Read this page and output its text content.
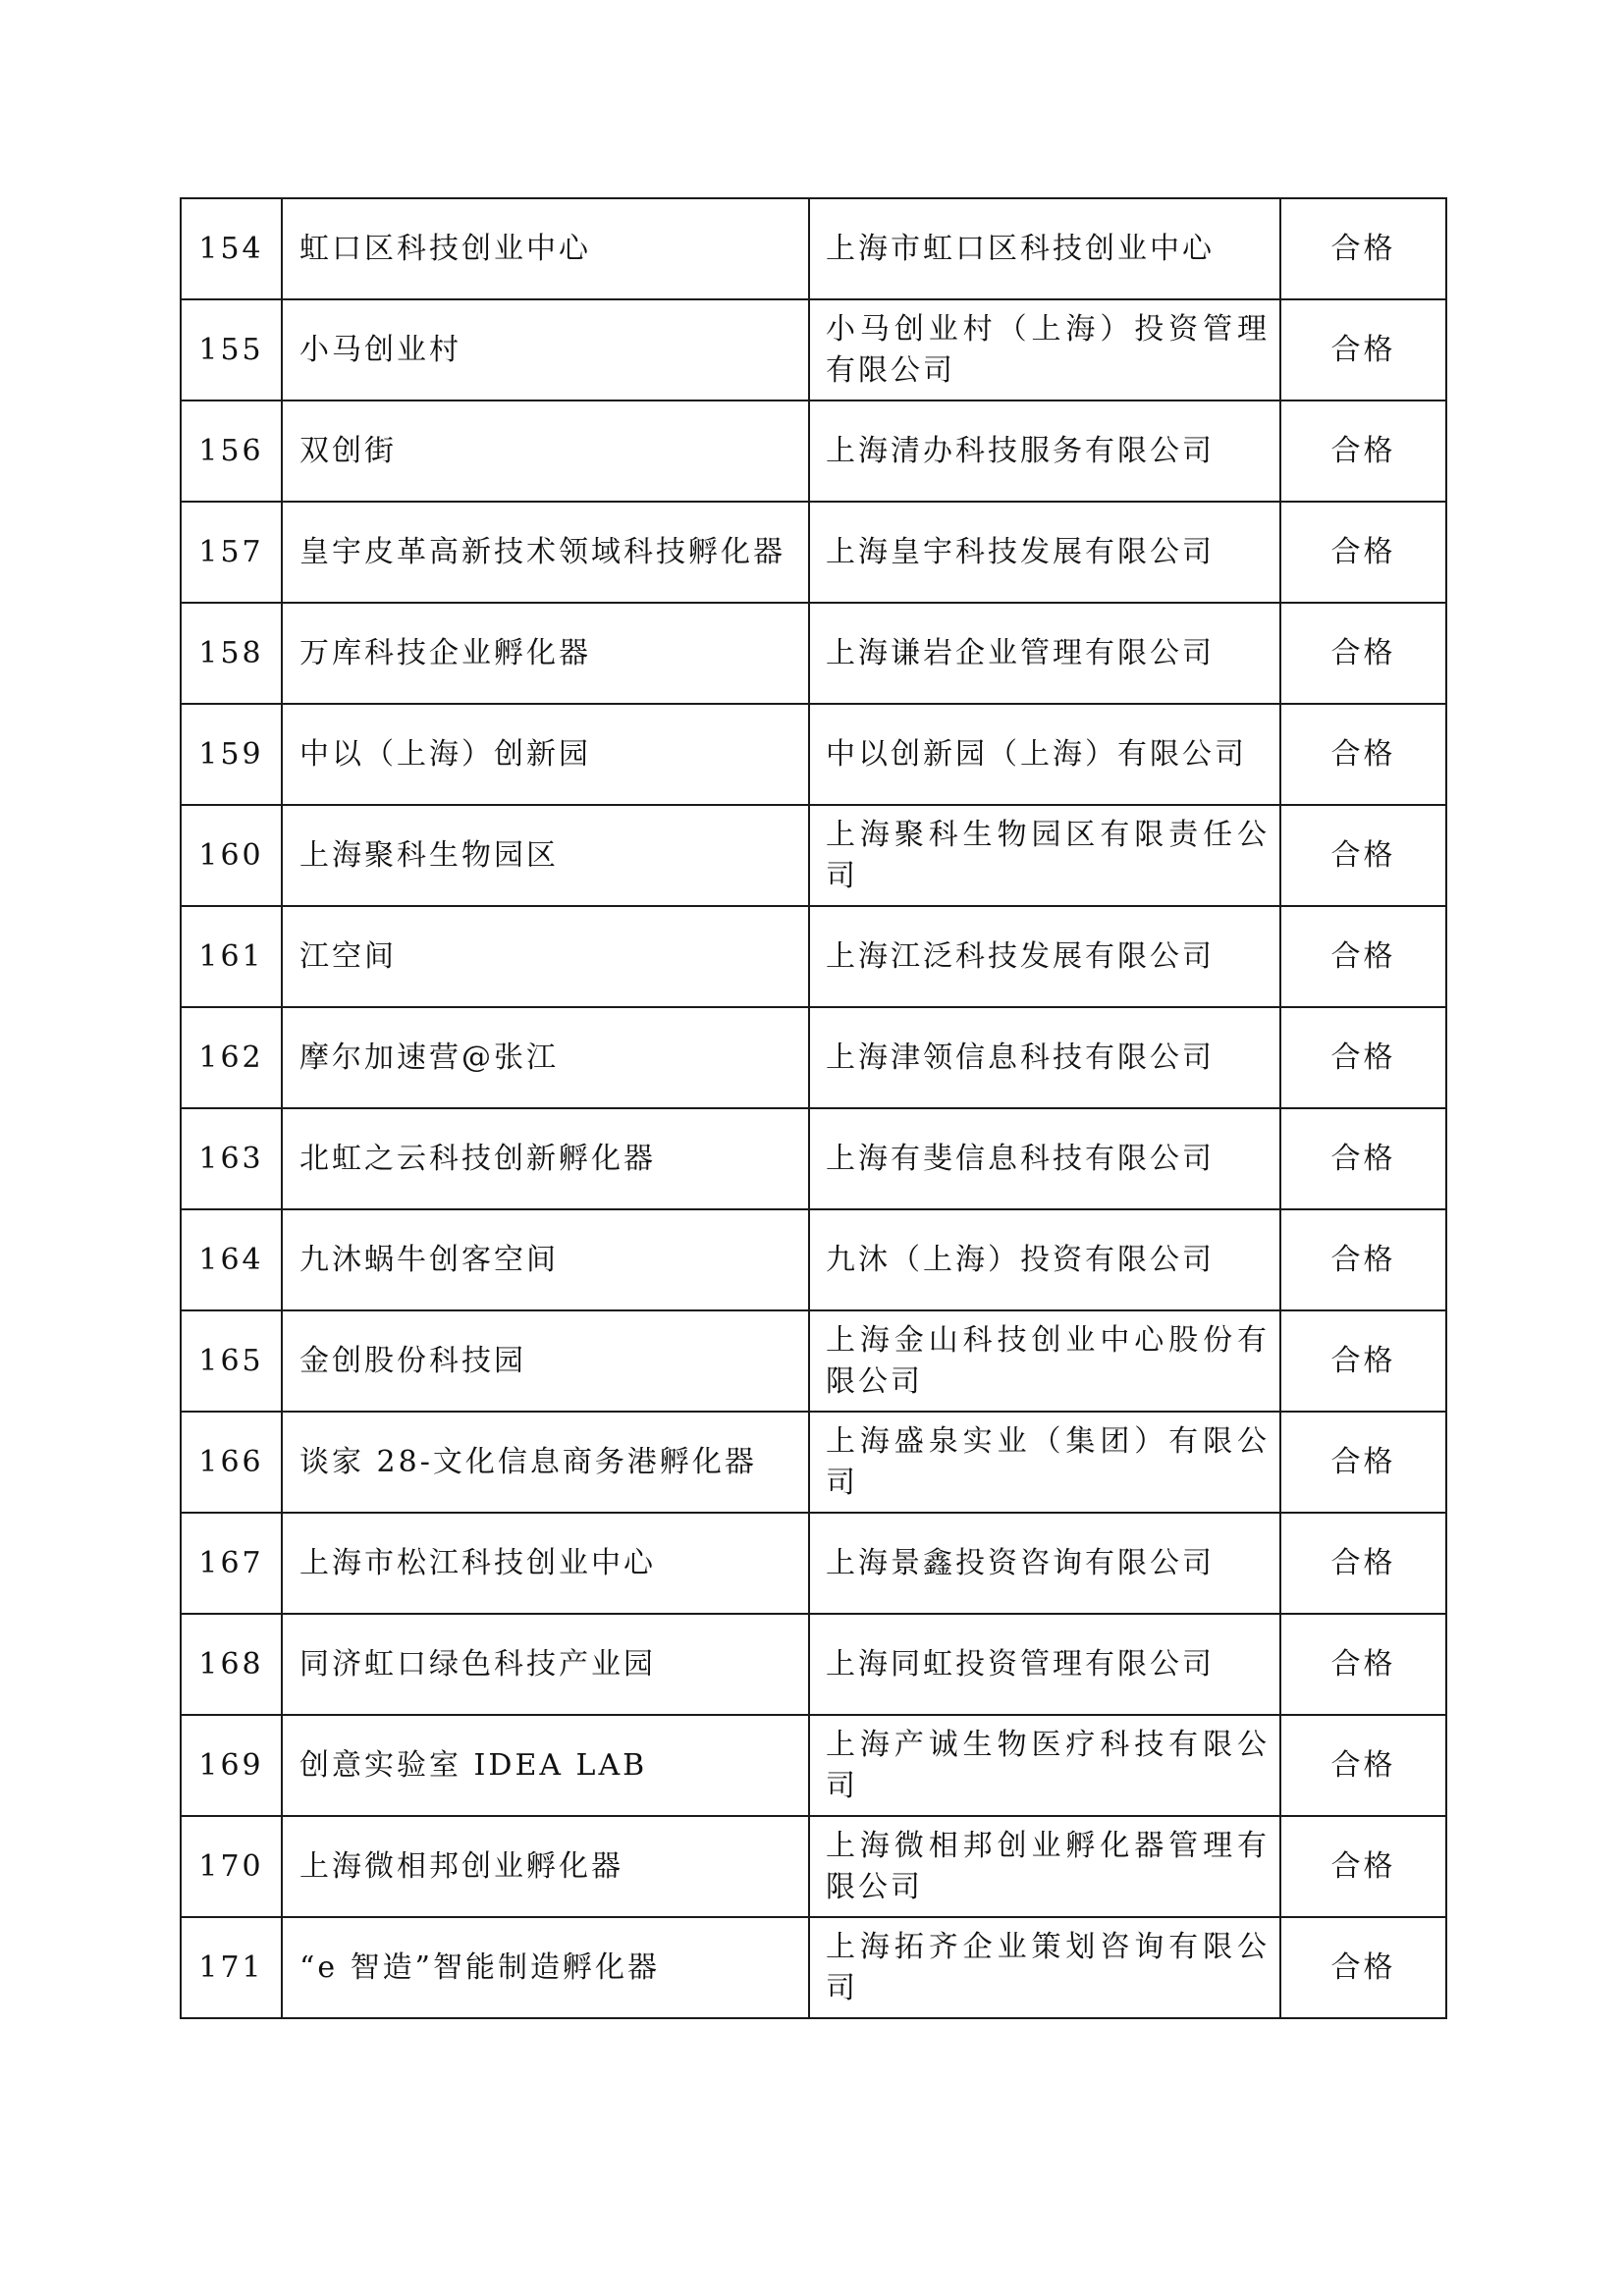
154	虹口区科技创业中心	上海市虹口区科技创业中心	合格
155	小马创业村	小马创业村（上海）投资管理有限公司	合格
156	双创街	上海清办科技服务有限公司	合格
157	皇宇皮革高新技术领域科技孵化器	上海皇宇科技发展有限公司	合格
158	万库科技企业孵化器	上海谦岩企业管理有限公司	合格
159	中以（上海）创新园	中以创新园（上海）有限公司	合格
160	上海聚科生物园区	上海聚科生物园区有限责任公司	合格
161	江空间	上海江泛科技发展有限公司	合格
162	摩尔加速营@张江	上海津领信息科技有限公司	合格
163	北虹之云科技创新孵化器	上海有斐信息科技有限公司	合格
164	九沐蜗牛创客空间	九沐（上海）投资有限公司	合格
165	金创股份科技园	上海金山科技创业中心股份有限公司	合格
166	谈家 28-文化信息商务港孵化器	上海盛泉实业（集团）有限公司	合格
167	上海市松江科技创业中心	上海景鑫投资咨询有限公司	合格
168	同济虹口绿色科技产业园	上海同虹投资管理有限公司	合格
169	创意实验室 IDEA LAB	上海产诚生物医疗科技有限公司	合格
170	上海微相邦创业孵化器	上海微相邦创业孵化器管理有限公司	合格
171	“e 智造”智能制造孵化器	上海拓齐企业策划咨询有限公司	合格
